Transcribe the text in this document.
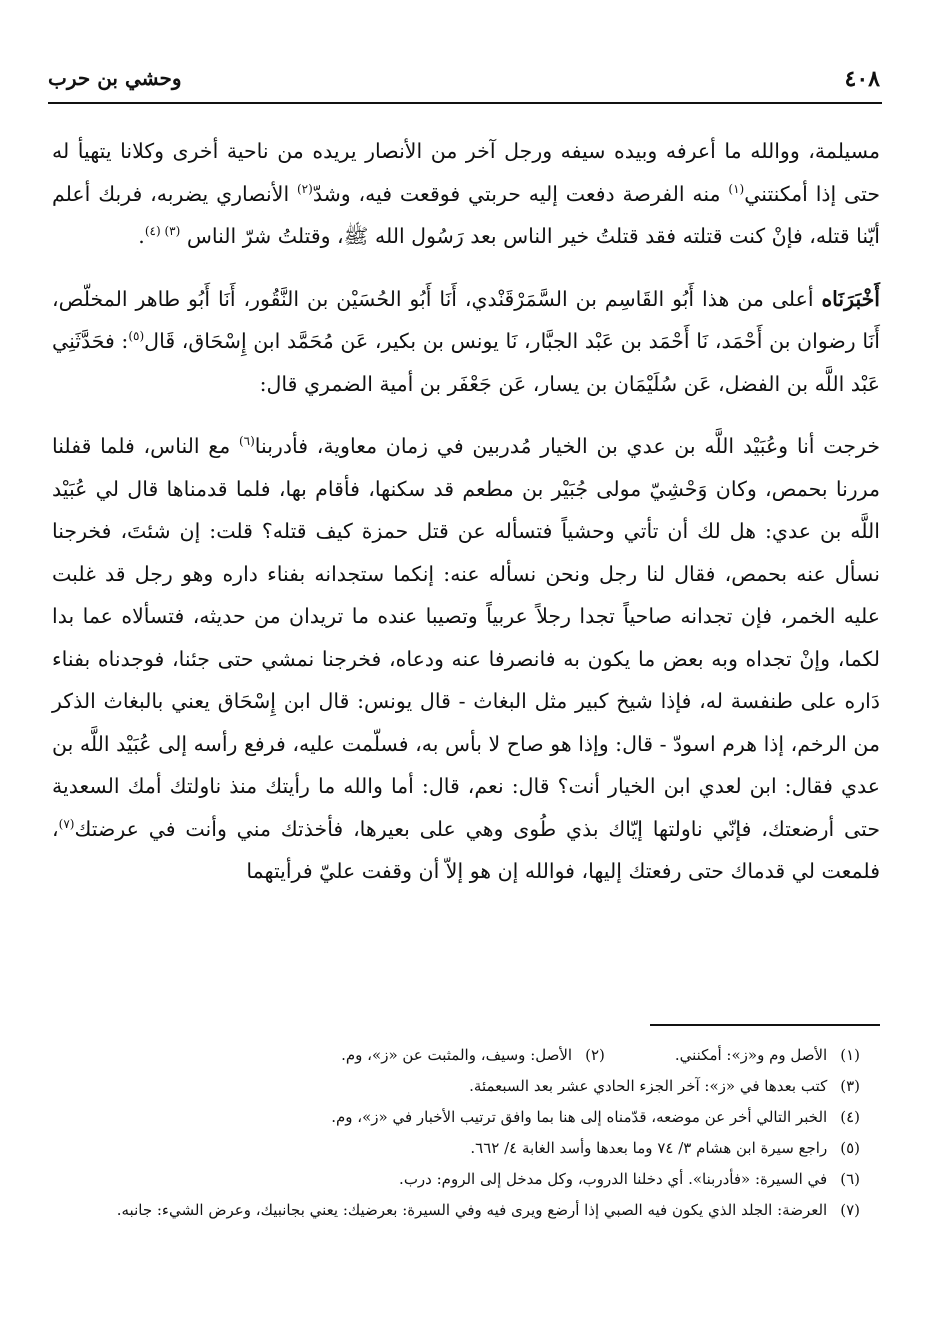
٤٠٨
وحشي بن حرب

مسيلمة، ووالله ما أعرفه وبيده سيفه ورجل آخر من الأنصار يريده من ناحية أخرى وكلانا يتهيأ له حتى إذا أمكنتني$^{(١)}$ منه الفرصة دفعت إليه حربتي فوقعت فيه، وشدّ$^{(٢)}$ الأنصاري يضربه، فربك أعلم أيّنا قتله، فإنْ كنت قتلته فقد قتلتُ خير الناس بعد رَسُول الله ﷺ، وقتلتُ شرّ الناس $^{(٣) (٤)}$.

أَخْبَرَنَاه أعلى من هذا أَبُو القَاسِم بن السَّمَرْقَنْدي، أَنَا أَبُو الحُسَيْن بن النَّقُور، أَنَا أَبُو طاهر المخلّص، أَنَا رضوان بن أَحْمَد، نَا أَحْمَد بن عَبْد الجبَّار، نَا يونس بن بكير، عَن مُحَمَّد ابن إِسْحَاق، قَال$^{(٥)}$: فحَدَّثَنِي عَبْد اللَّه بن الفضل، عَن سُلَيْمَان بن يسار، عَن جَعْفَر بن أمية الضمري قال:

خرجت أنا وعُبَيْد اللَّه بن عدي بن الخيار مُدربين في زمان معاوية، فأدربنا$^{(٦)}$ مع الناس، فلما قفلنا مررنا بحمص، وكان وَحْشِيّ مولى جُبَيْر بن مطعم قد سكنها، فأقام بها، فلما قدمناها قال لي عُبَيْد اللَّه بن عدي: هل لك أن تأتي وحشياً فتسأله عن قتل حمزة كيف قتله؟ قلت: إن شئتَ، فخرجنا نسأل عنه بحمص، فقال لنا رجل ونحن نسأله عنه: إنكما ستجدانه بفناء داره وهو رجل قد غلبت عليه الخمر، فإن تجدانه صاحياً تجدا رجلاً عربياً وتصيبا عنده ما تريدان من حديثه، فتسألاه عما بدا لكما، وإنْ تجداه وبه بعض ما يكون به فانصرفا عنه ودعاه، فخرجنا نمشي حتى جئنا، فوجدناه بفناء دَاره على طنفسة له، فإذا شيخ كبير مثل البغاث - قال يونس: قال ابن إِسْحَاق يعني بالبغاث الذكر من الرخم، إذا هرم اسودّ - قال: وإذا هو صاح لا بأس به، فسلّمت عليه، فرفع رأسه إلى عُبَيْد اللَّه بن عدي فقال: ابن لعدي ابن الخيار أنت؟ قال: نعم، قال: أما والله ما رأيتك منذ ناولتك أمك السعدية حتى أرضعتك، فإنّي ناولتها إيّاك بذي طُوى وهي على بعيرها، فأخذتك مني وأنت في عرضتك$^{(٧)}$، فلمعت لي قدماك حتى رفعتك إليها، فوالله إن هو إلاّ أن وقفت عليّ فرأيتهما

(١) الأصل وم و«ز»: أمكنني.
(٢) الأصل: وسيف، والمثبت عن «ز»، وم.
(٣) كتب بعدها في «ز»: آخر الجزء الحادي عشر بعد السبعمئة.
(٤) الخبر التالي أخر عن موضعه، قدّمناه إلى هنا بما وافق ترتيب الأخبار في «ز»، وم.
(٥) راجع سيرة ابن هشام ٣/ ٧٤ وما بعدها وأسد الغابة ٤/ ٦٦٢.
(٦) في السيرة: «فأدربنا». أي دخلنا الدروب، وكل مدخل إلى الروم: درب.
(٧) العرضة: الجلد الذي يكون فيه الصبي إذا أرضع ويرى فيه وفي السيرة: بعرضيك: يعني بجانبيك، وعرض الشيء: جانبه.
